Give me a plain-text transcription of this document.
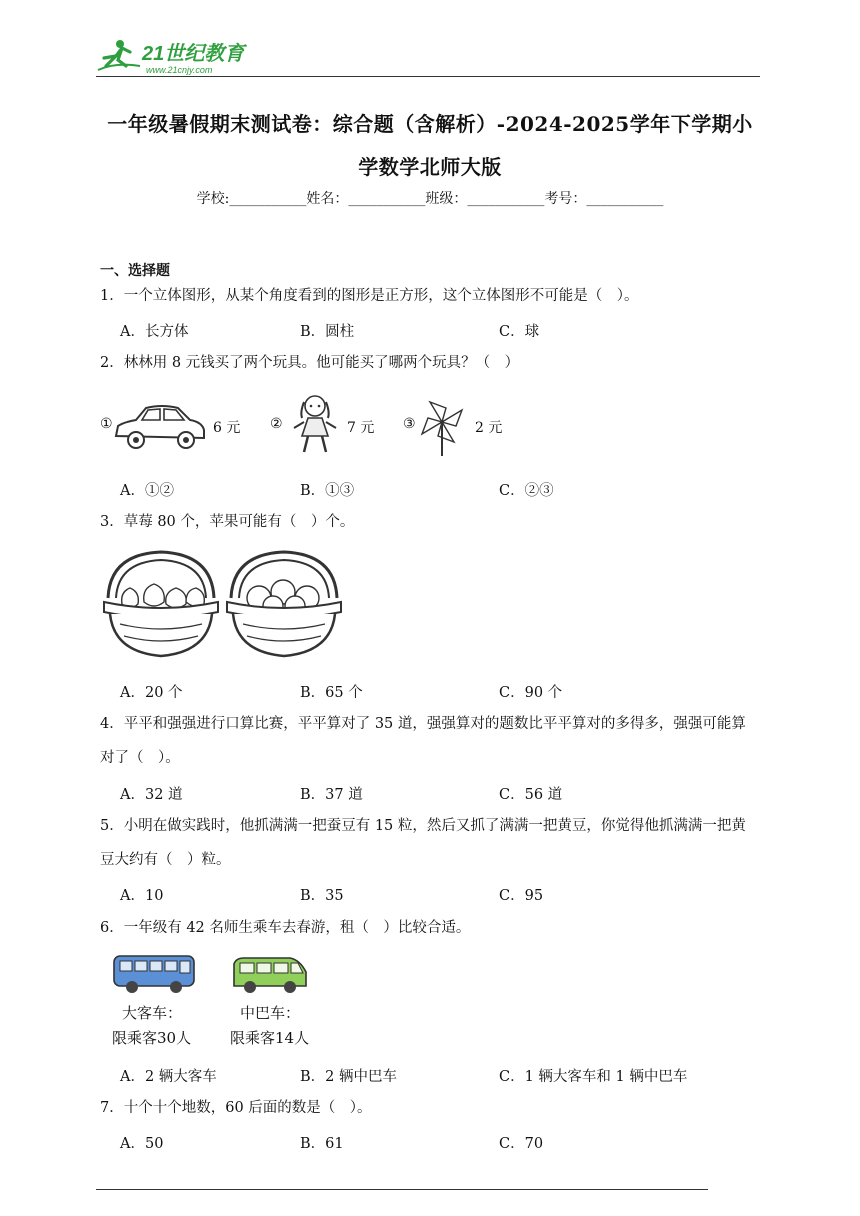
21世纪教育
www.21cnjy.com
一年级暑假期末测试卷：综合题（含解析）-2024-2025学年下学期小
学数学北师大版
学校:___________姓名：___________班级：___________考号：___________
一、选择题
1．一个立体图形，从某个角度看到的图形是正方形，这个立体图形不可能是（　）。
A．长方体	B．圆柱	C．球
2．林林用 8 元钱买了两个玩具。他可能买了哪两个玩具？（　）
①	6 元 ②	7 元 ③	2 元
A．①②	B．①③	C．②③
3．草莓 80 个，苹果可能有（　）个。
A．20 个	B．65 个	C．90 个
4．平平和强强进行口算比赛，平平算对了 35 道，强强算对的题数比平平算对的多得多，强强可能算
对了（　）。
A．32 道	B．37 道	C．56 道
5．小明在做实践时，他抓满满一把蚕豆有 15 粒，然后又抓了满满一把黄豆，你觉得他抓满满一把黄
豆大约有（　）粒。
A．10	B．35	C．95
6．一年级有 42 名师生乘车去春游，租（　）比较合适。
大客车：
限乘客30人
中巴车：
限乘客14人
A．2 辆大客车	B．2 辆中巴车	C．1 辆大客车和 1 辆中巴车
7．十个十个地数，60 后面的数是（　）。
A．50	B．61	C．70
